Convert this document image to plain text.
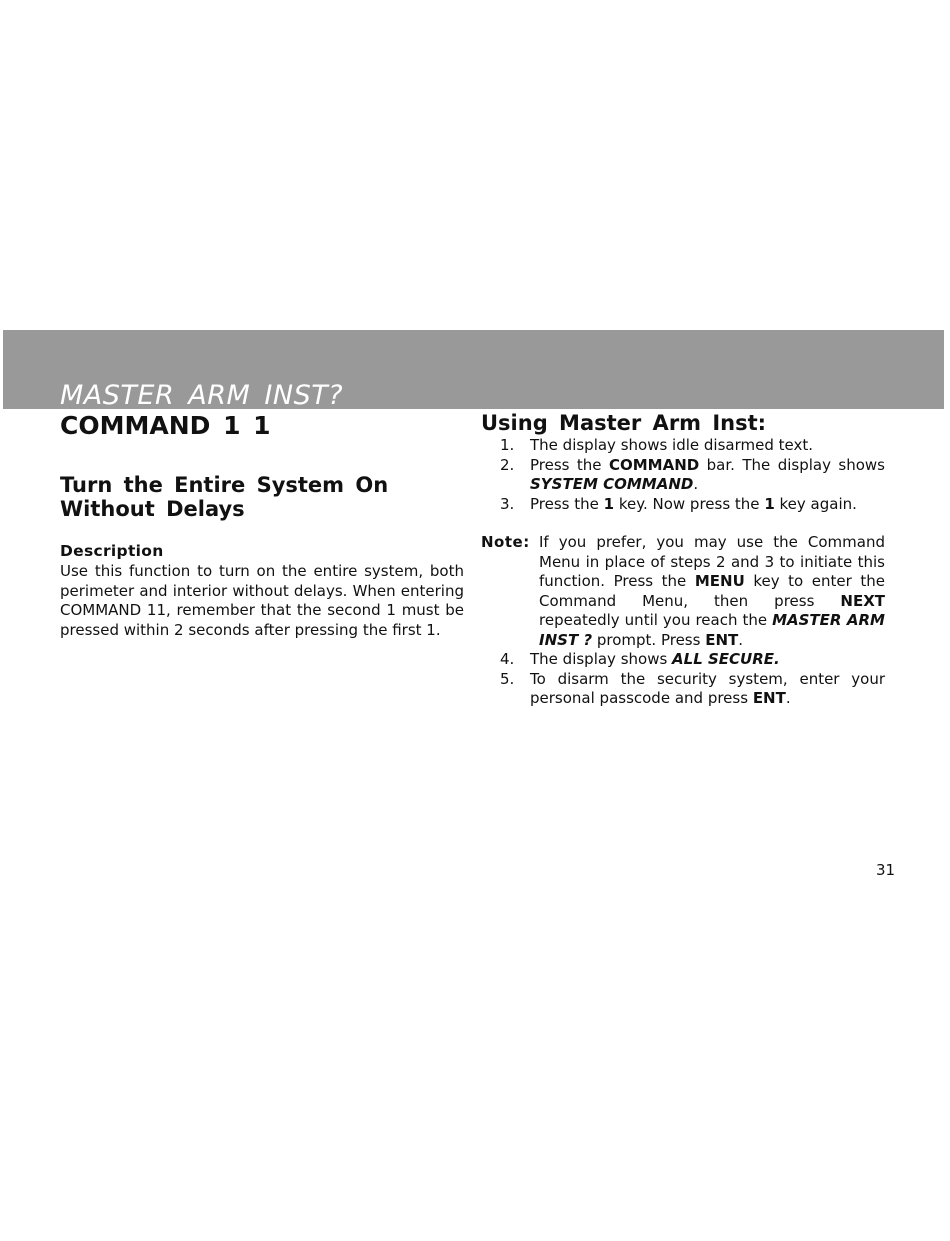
MASTER ARM INST?
COMMAND 1 1
Turn the Entire System On
Without Delays
Description

Use this function to turn on the entire system, both perimeter and interior without delays. When entering COMMAND 11, remember that the second 1 must be pressed within 2 seconds after pressing the first 1.

Using Master Arm Inst:
1. The display shows idle disarmed text.
2. Press the COMMAND bar. The display shows SYSTEM COMMAND.
3. Press the 1 key. Now press the 1 key again.
Note: If you prefer, you may use the Command Menu in place of steps 2 and 3 to initiate this function. Press the MENU key to enter the Command Menu, then press NEXT repeatedly until you reach the MASTER ARM INST ? prompt. Press ENT.
4. The display shows ALL SECURE.
5. To disarm the security system, enter your personal passcode and press ENT.
31
